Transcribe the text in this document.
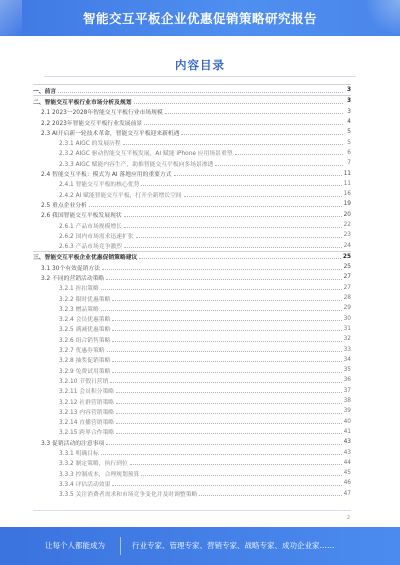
智能交互平板企业优惠促销策略研究报告
内容目录
一、前言	3
二、智能交互平板行业市场分析及规划	3
2.1 2023一2028年智能交互平板行业市场规模	3
2.2 2023年智能交互平板行业发展前景	4
2.3 AI开启新一轮技术革命，智能交互平板迎来新机遇	5
2.3.1 AIGC 的发展历程	5
2.3.2 AIGC 驱动智能交互平板发展，AI 赋能 iPhone 应用场景重塑	6
2.3.3 AIGC 赋能内容生产，助推智能交互平板向多场景渗透	7
2.4 智能交互平板：模式为 AI 落地应用的重要方式	11
2.4.1 智能交互平板的核心优势	11
2.4.2 AI 赋能智能交互平板，打开全新增长空间	16
2.5 重点企业分析	19
2.6 我国智能交互平板发展现状	20
2.6.1 产品市场规模增长	22
2.6.2 国内市场需求迅速扩张	23
2.6.3 产品市场竞争激烈	24
三、智能交互平板企业优惠促销策略建议	25
3.1 30个有效促销方法	25
3.2 不同的营销活动策略	27
3.2.1 折扣策略	27
3.2.2 限时优惠策略	28
3.2.3 赠品策略	29
3.2.4 会员优惠策略	30
3.2.5 满减优惠策略	31
3.2.6 组合销售策略	32
3.2.7 优惠券策略	33
3.2.8 抽奖促销策略	34
3.2.9 免费试用策略	35
3.2.10 节假日营销	36
3.2.11 会员积分策略	37
3.2.12 社群营销策略	38
3.2.13 内容营销策略	39
3.2.14 直播营销策略	40
3.2.15 跨界合作策略	41
3.3 促销活动的注意事项	43
3.3.1 明确目标	43
3.3.2 制定策略，执行到位	44
3.3.3 控制成本，合理规划预算	45
3.3.4 评估活动效果	46
3.3.5 关注消费者需求和市场竞争变化并及时调整策略	47
2
让每个人都能成为	行业专家、管理专家、营销专家、战略专家、成功企业家……
